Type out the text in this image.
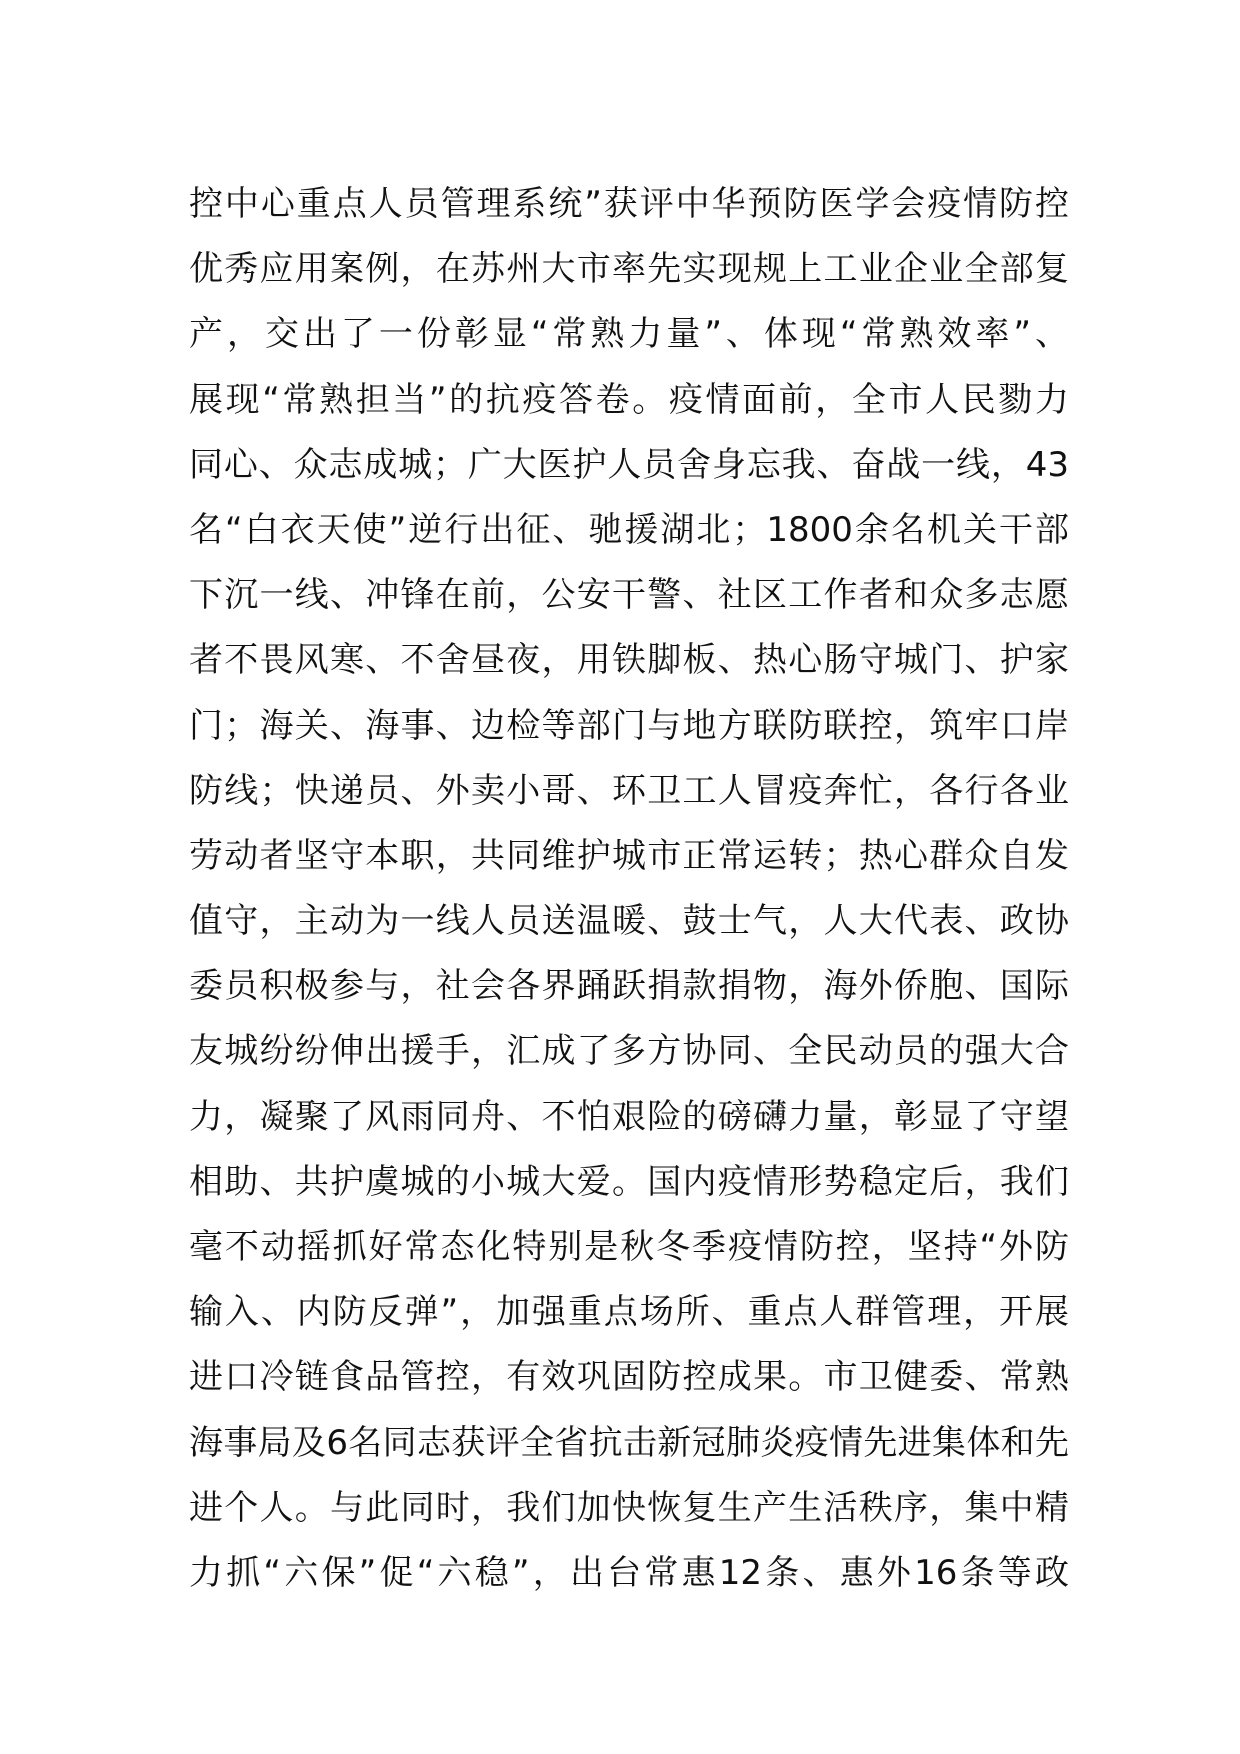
控中心重点人员管理系统”获评中华预防医学会疫情防控
优秀应用案例，在苏州大市率先实现规上工业企业全部复
产，交出了一份彰显“常熟力量”、体现“常熟效率”、
展现“常熟担当”的抗疫答卷。疫情面前，全市人民勠力
同心、众志成城；广大医护人员舍身忘我、奋战一线，43
名“白衣天使”逆行出征、驰援湖北；1800余名机关干部
下沉一线、冲锋在前，公安干警、社区工作者和众多志愿
者不畏风寒、不舍昼夜，用铁脚板、热心肠守城门、护家
门；海关、海事、边检等部门与地方联防联控，筑牢口岸
防线；快递员、外卖小哥、环卫工人冒疫奔忙，各行各业
劳动者坚守本职，共同维护城市正常运转；热心群众自发
值守，主动为一线人员送温暖、鼓士气，人大代表、政协
委员积极参与，社会各界踊跃捐款捐物，海外侨胞、国际
友城纷纷伸出援手，汇成了多方协同、全民动员的强大合
力，凝聚了风雨同舟、不怕艰险的磅礴力量，彰显了守望
相助、共护虞城的小城大爱。国内疫情形势稳定后，我们
毫不动摇抓好常态化特别是秋冬季疫情防控，坚持“外防
输入、内防反弹”，加强重点场所、重点人群管理，开展
进口冷链食品管控，有效巩固防控成果。市卫健委、常熟
海事局及6名同志获评全省抗击新冠肺炎疫情先进集体和先
进个人。与此同时，我们加快恢复生产生活秩序，集中精
力抓“六保”促“六稳”，出台常惠12条、惠外16条等政
